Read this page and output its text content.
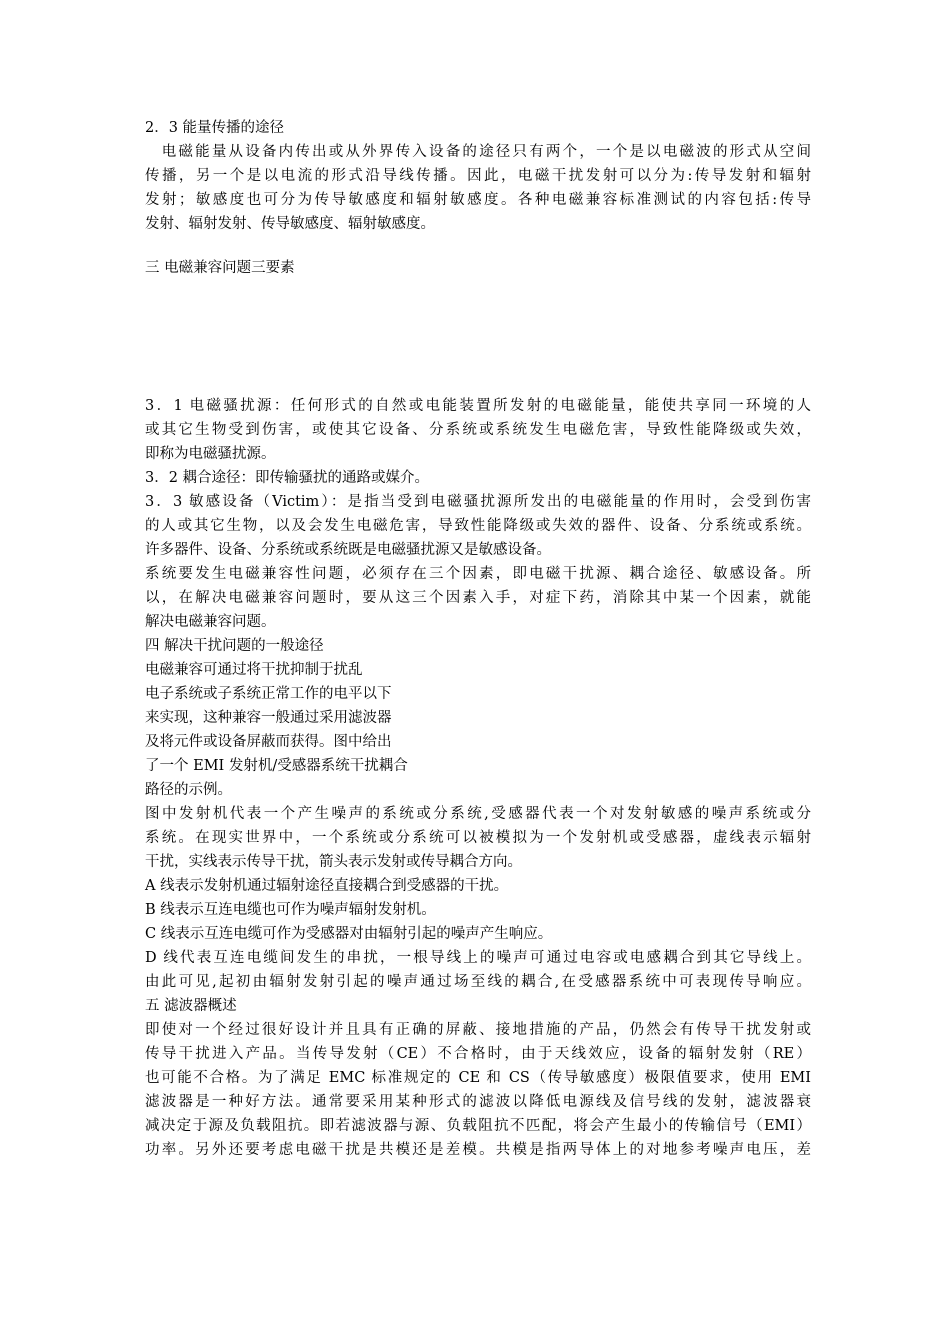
2．3 能量传播的途径
　电磁能量从设备内传出或从外界传入设备的途径只有两个，一个是以电磁波的形式从空间
传播，另一个是以电流的形式沿导线传播。因此，电磁干扰发射可以分为:传导发射和辐射
发射；敏感度也可分为传导敏感度和辐射敏感度。各种电磁兼容标准测试的内容包括:传导
发射、辐射发射、传导敏感度、辐射敏感度。
三 电磁兼容问题三要素
3．1 电磁骚扰源：任何形式的自然或电能装置所发射的电磁能量，能使共享同一环境的人
或其它生物受到伤害，或使其它设备、分系统或系统发生电磁危害，导致性能降级或失效，
即称为电磁骚扰源。
3．2 耦合途径：即传输骚扰的通路或媒介。
3．3 敏感设备（Victim）：是指当受到电磁骚扰源所发出的电磁能量的作用时，会受到伤害
的人或其它生物，以及会发生电磁危害，导致性能降级或失效的器件、设备、分系统或系统。
许多器件、设备、分系统或系统既是电磁骚扰源又是敏感设备。
系统要发生电磁兼容性问题，必须存在三个因素，即电磁干扰源、耦合途径、敏感设备。所
以，在解决电磁兼容问题时，要从这三个因素入手，对症下药，消除其中某一个因素，就能
解决电磁兼容问题。
四 解决干扰问题的一般途径
电磁兼容可通过将干扰抑制于扰乱
电子系统或子系统正常工作的电平以下
来实现，这种兼容一般通过采用滤波器
及将元件或设备屏蔽而获得。图中给出
了一个 EMI 发射机/受感器系统干扰耦合
路径的示例。
图中发射机代表一个产生噪声的系统或分系统,受感器代表一个对发射敏感的噪声系统或分
系统。在现实世界中，一个系统或分系统可以被模拟为一个发射机或受感器，虚线表示辐射
干扰，实线表示传导干扰，箭头表示发射或传导耦合方向。
A 线表示发射机通过辐射途径直接耦合到受感器的干扰。
B 线表示互连电缆也可作为噪声辐射发射机。
C 线表示互连电缆可作为受感器对由辐射引起的噪声产生响应。
D 线代表互连电缆间发生的串扰，一根导线上的噪声可通过电容或电感耦合到其它导线上。
由此可见,起初由辐射发射引起的噪声通过场至线的耦合,在受感器系统中可表现传导响应。
五 滤波器概述
即使对一个经过很好设计并且具有正确的屏蔽、接地措施的产品，仍然会有传导干扰发射或
传导干扰进入产品。当传导发射（CE）不合格时，由于天线效应，设备的辐射发射（RE）
也可能不合格。为了满足 EMC 标准规定的 CE 和 CS（传导敏感度）极限值要求，使用 EMI
滤波器是一种好方法。通常要采用某种形式的滤波以降低电源线及信号线的发射，滤波器衰
减决定于源及负载阻抗。即若滤波器与源、负载阻抗不匹配，将会产生最小的传输信号（EMI）
功率。另外还要考虑电磁干扰是共模还是差模。共模是指两导体上的对地参考噪声电压，差
